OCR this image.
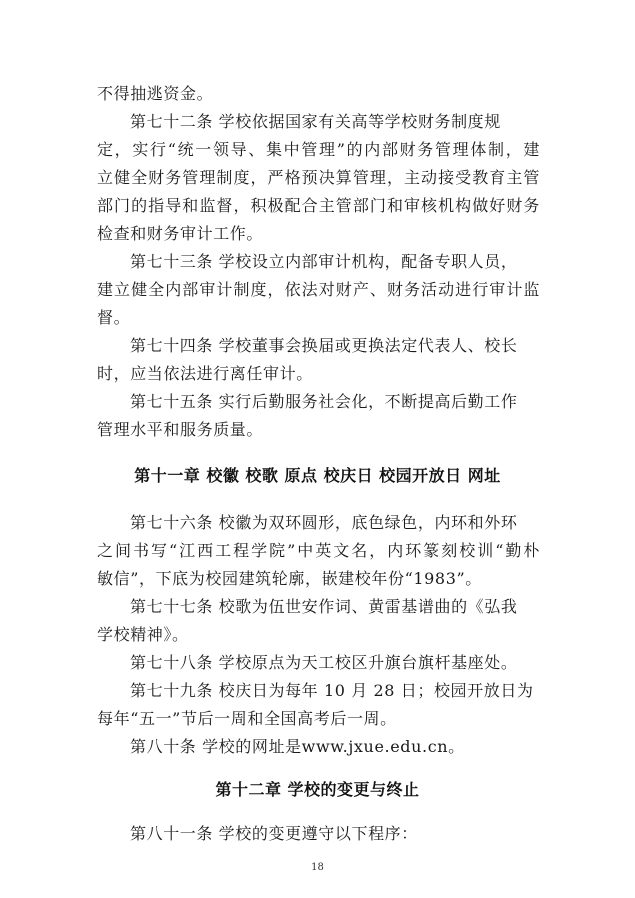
不得抽逃资金。
第七十二条 学校依据国家有关高等学校财务制度规
定，实行“统一领导、集中管理”的内部财务管理体制，建
立健全财务管理制度，严格预决算管理，主动接受教育主管
部门的指导和监督，积极配合主管部门和审核机构做好财务
检查和财务审计工作。
第七十三条 学校设立内部审计机构，配备专职人员，
建立健全内部审计制度，依法对财产、财务活动进行审计监
督。
第七十四条 学校董事会换届或更换法定代表人、校长
时，应当依法进行离任审计。
第七十五条 实行后勤服务社会化，不断提高后勤工作
管理水平和服务质量。
第十一章 校徽 校歌 原点 校庆日 校园开放日 网址
第七十六条 校徽为双环圆形，底色绿色，内环和外环
之间书写“江西工程学院”中英文名，内环篆刻校训“勤朴
敏信”，下底为校园建筑轮廓，嵌建校年份“1983”。
第七十七条 校歌为伍世安作词、黄雷基谱曲的《弘我
学校精神》。
第七十八条 学校原点为天工校区升旗台旗杆基座处。
第七十九条 校庆日为每年 10 月 28 日；校园开放日为
每年“五一”节后一周和全国高考后一周。
第八十条 学校的网址是www.jxue.edu.cn。
第十二章 学校的变更与终止
第八十一条 学校的变更遵守以下程序：
18
